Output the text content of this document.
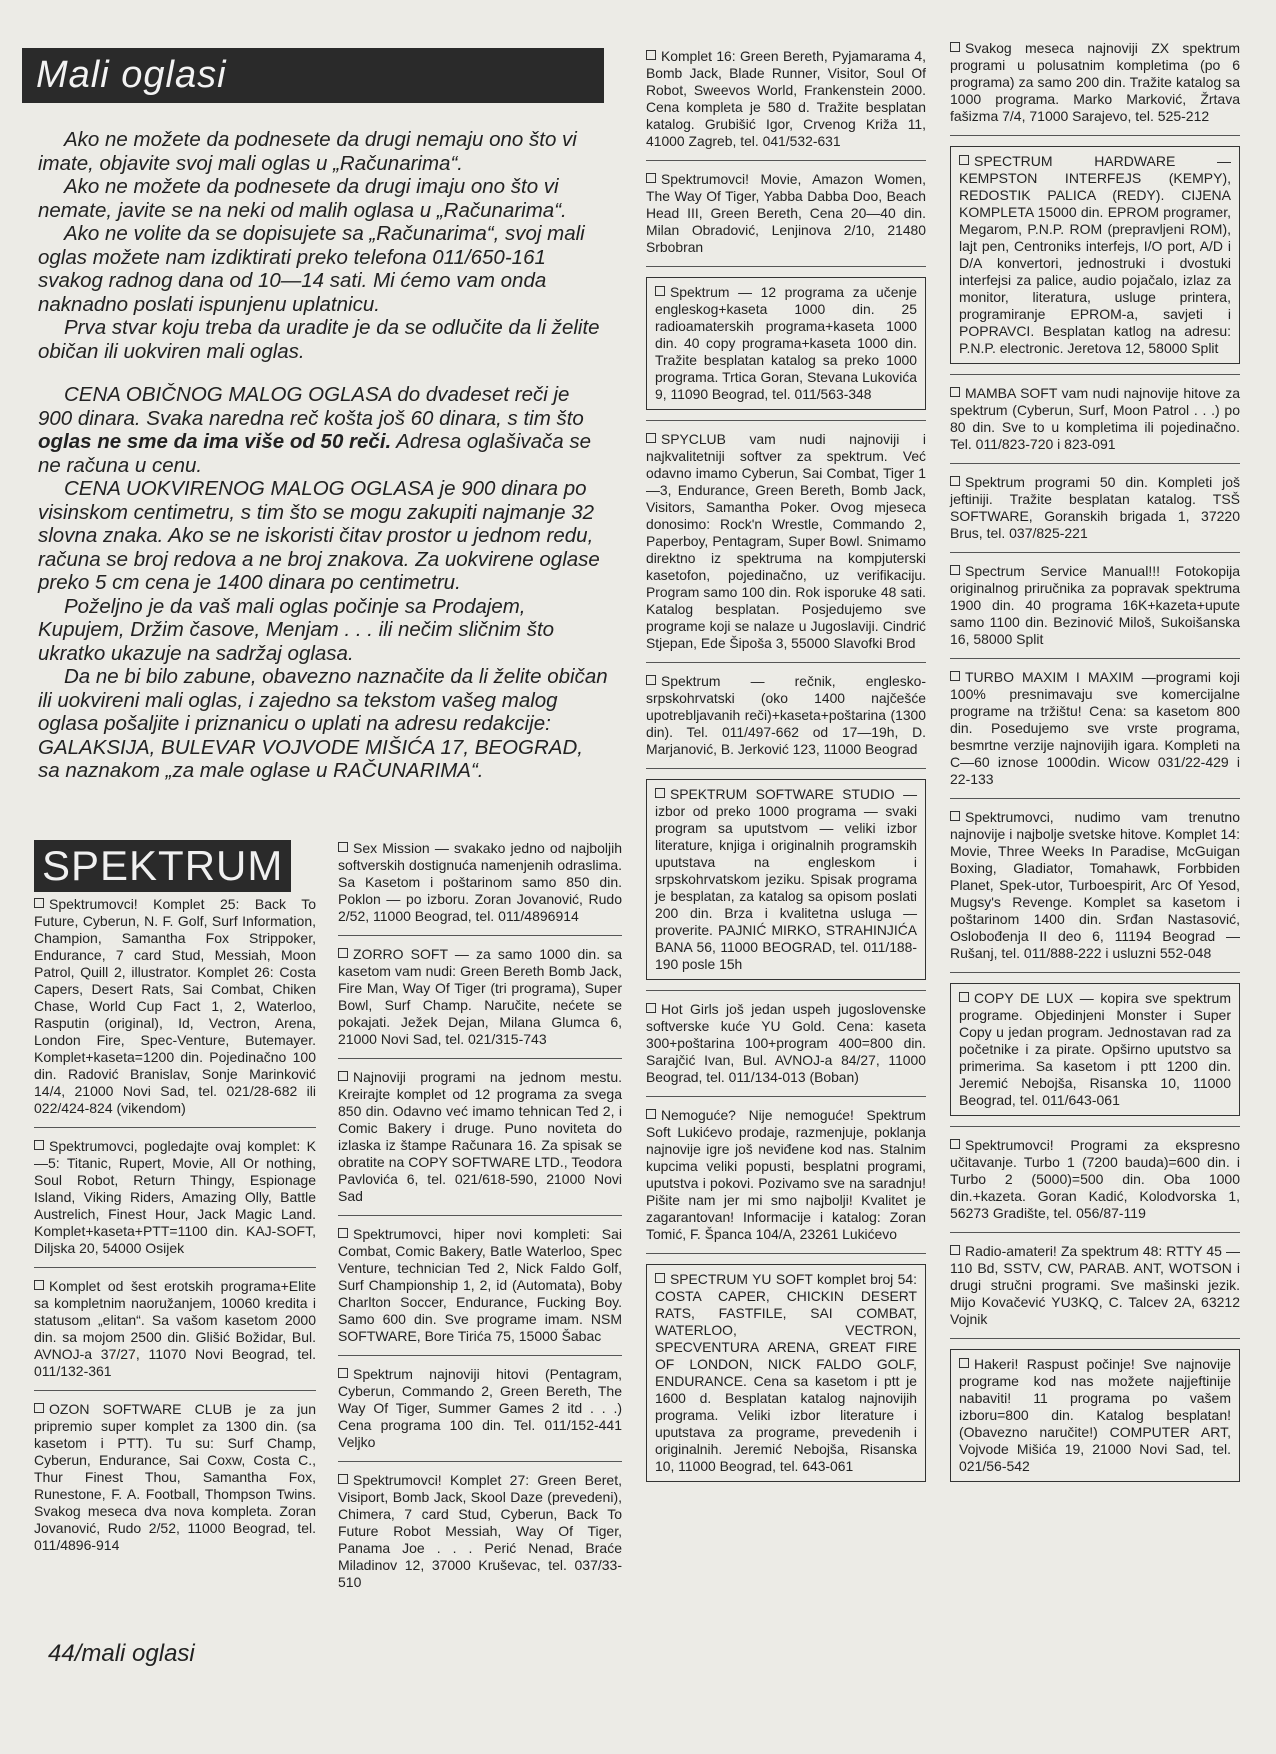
Mali oglasi

Ako ne možete da podnesete da drugi nemaju ono što vi imate, objavite svoj mali oglas u „Računarima“.

Ako ne možete da podnesete da drugi imaju ono što vi nemate, javite se na neki od malih oglasa u „Računarima“.

Ako ne volite da se dopisujete sa „Računarima“, svoj mali oglas možete nam izdiktirati preko telefona 011/650-161 svakog radnog dana od 10—14 sati. Mi ćemo vam onda naknadno poslati ispunjenu uplatnicu.

Prva stvar koju treba da uradite je da se odlučite da li želite običan ili uokviren mali oglas.

CENA OBIČNOG MALOG OGLASA do dvadeset reči je 900 dinara. Svaka naredna reč košta još 60 dinara, s tim što oglas ne sme da ima više od 50 reči. Adresa oglašivača se ne računa u cenu.

CENA UOKVIRENOG MALOG OGLASA je 900 dinara po visinskom centimetru, s tim što se mogu zakupiti najmanje 32 slovna znaka. Ako se ne iskoristi čitav prostor u jednom redu, računa se broj redova a ne broj znakova. Za uokvirene oglase preko 5 cm cena je 1400 dinara po centimetru.

Poželjno je da vaš mali oglas počinje sa Prodajem, Kupujem, Držim časove, Menjam . . . ili nečim sličnim što ukratko ukazuje na sadržaj oglasa.

Da ne bi bilo zabune, obavezno naznačite da li želite običan ili uokvireni mali oglas, i zajedno sa tekstom vašeg malog oglasa pošaljite i priznanicu o uplati na adresu redakcije: GALAKSIJA, BULEVAR VOJVODE MIŠIĆA 17, BEOGRAD, sa naznakom „za male oglase u RAČUNARIMA“.

SPEKTRUM

Spektrumovci! Komplet 25: Back To Future, Cyberun, N. F. Golf, Surf Information, Champion, Samantha Fox Strippoker, Endurance, 7 card Stud, Messiah, Moon Patrol, Quill 2, illustrator. Komplet 26: Costa Capers, Desert Rats, Sai Combat, Chiken Chase, World Cup Fact 1, 2, Waterloo, Rasputin (original), Id, Vectron, Arena, London Fire, Spec-Venture, Butemayer. Komplet+kaseta=1200 din. Pojedinačno 100 din. Radović Branislav, Sonje Marinković 14/4, 21000 Novi Sad, tel. 021/28-682 ili 022/424-824 (vikendom)

Spektrumovci, pogledajte ovaj komplet: K—5: Titanic, Rupert, Movie, All Or nothing, Soul Robot, Return Thingy, Espionage Island, Viking Riders, Amazing Olly, Battle Austrelich, Finest Hour, Jack Magic Land. Komplet+kaseta+PTT=1100 din. KAJ-SOFT, Diljska 20, 54000 Osijek

Komplet od šest erotskih programa+Elite sa kompletnim naoružanjem, 10060 kredita i statusom „elitan“. Sa vašom kasetom 2000 din. sa mojom 2500 din. Glišić Božidar, Bul. AVNOJ-a 37/27, 11070 Novi Beograd, tel. 011/132-361

OZON SOFTWARE CLUB je za jun pripremio super komplet za 1300 din. (sa kasetom i PTT). Tu su: Surf Champ, Cyberun, Endurance, Sai Coxw, Costa C., Thur Finest Thou, Samantha Fox, Runestone, F. A. Football, Thompson Twins. Svakog meseca dva nova kompleta. Zoran Jovanović, Rudo 2/52, 11000 Beograd, tel. 011/4896-914

Sex Mission — svakako jedno od najboljih softverskih dostignuća namenjenih odraslima. Sa Kasetom i poštarinom samo 850 din. Poklon — po izboru. Zoran Jovanović, Rudo 2/52, 11000 Beograd, tel. 011/4896914

ZORRO SOFT — za samo 1000 din. sa kasetom vam nudi: Green Bereth Bomb Jack, Fire Man, Way Of Tiger (tri programa), Super Bowl, Surf Champ. Naručite, nećete se pokajati. Ježek Dejan, Milana Glumca 6, 21000 Novi Sad, tel. 021/315-743

Najnoviji programi na jednom mestu. Kreirajte komplet od 12 programa za svega 850 din. Odavno već imamo tehnican Ted 2, i Comic Bakery i druge. Puno noviteta do izlaska iz štampe Računara 16. Za spisak se obratite na COPY SOFTWARE LTD., Teodora Pavlovića 6, tel. 021/618-590, 21000 Novi Sad

Spektrumovci, hiper novi kompleti: Sai Combat, Comic Bakery, Batle Waterloo, Spec Venture, technician Ted 2, Nick Faldo Golf, Surf Championship 1, 2, id (Automata), Boby Charlton Soccer, Endurance, Fucking Boy. Samo 600 din. Sve programe imam. NSM SOFTWARE, Bore Tirića 75, 15000 Šabac

Spektrum najnoviji hitovi (Pentagram, Cyberun, Commando 2, Green Bereth, The Way Of Tiger, Summer Games 2 itd . . .) Cena programa 100 din. Tel. 011/152-441 Veljko

Spektrumovci! Komplet 27: Green Beret, Visiport, Bomb Jack, Skool Daze (prevedeni), Chimera, 7 card Stud, Cyberun, Back To Future Robot Messiah, Way Of Tiger, Panama Joe . . . Perić Nenad, Braće Miladinov 12, 37000 Kruševac, tel. 037/33-510

Komplet 16: Green Bereth, Pyjamarama 4, Bomb Jack, Blade Runner, Visitor, Soul Of Robot, Sweevos World, Frankenstein 2000. Cena kompleta je 580 d. Tražite besplatan katalog. Grubišić Igor, Crvenog Križa 11, 41000 Zagreb, tel. 041/532-631

Spektrumovci! Movie, Amazon Women, The Way Of Tiger, Yabba Dabba Doo, Beach Head III, Green Bereth, Cena 20—40 din. Milan Obradović, Lenjinova 2/10, 21480 Srbobran

Spektrum — 12 programa za učenje engleskog+kaseta 1000 din. 25 radioamaterskih programa+kaseta 1000 din. 40 copy programa+kaseta 1000 din. Tražite besplatan katalog sa preko 1000 programa. Trtica Goran, Stevana Lukovića 9, 11090 Beograd, tel. 011/563-348

SPYCLUB vam nudi najnoviji i najkvalitetniji softver za spektrum. Već odavno imamo Cyberun, Sai Combat, Tiger 1—3, Endurance, Green Bereth, Bomb Jack, Visitors, Samantha Poker. Ovog mjeseca donosimo: Rock'n Wrestle, Commando 2, Paperboy, Pentagram, Super Bowl. Snimamo direktno iz spektruma na kompjuterski kasetofon, pojedinačno, uz verifikaciju. Program samo 100 din. Rok isporuke 48 sati. Katalog besplatan. Posjedujemo sve programe koji se nalaze u Jugoslaviji. Cindrić Stjepan, Ede Šipoša 3, 55000 Slavofki Brod

Spektrum — rečnik, englesko-srpskohrvatski (oko 1400 najčešće upotrebljavanih reči)+kaseta+poštarina (1300 din). Tel. 011/497-662 od 17—19h, D. Marjanović, B. Jerković 123, 11000 Beograd

SPEKTRUM SOFTWARE STUDIO — izbor od preko 1000 programa — svaki program sa uputstvom — veliki izbor literature, knjiga i originalnih programskih uputstava na engleskom i srpskohrvatskom jeziku. Spisak programa je besplatan, za katalog sa opisom poslati 200 din. Brza i kvalitetna usluga — proverite. PAJNIĆ MIRKO, STRAHINJIĆA BANA 56, 11000 BEOGRAD, tel. 011/188-190 posle 15h

Hot Girls još jedan uspeh jugoslovenske softverske kuće YU Gold. Cena: kaseta 300+poštarina 100+program 400=800 din. Sarajčić Ivan, Bul. AVNOJ-a 84/27, 11000 Beograd, tel. 011/134-013 (Boban)

Nemoguće? Nije nemoguće! Spektrum Soft Lukićevo prodaje, razmenjuje, poklanja najnovije igre još neviđene kod nas. Stalnim kupcima veliki popusti, besplatni programi, uputstva i pokovi. Pozivamo sve na saradnju! Pišite nam jer mi smo najbolji! Kvalitet je zagarantovan! Informacije i katalog: Zoran Tomić, F. Španca 104/A, 23261 Lukićevo

SPECTRUM YU SOFT komplet broj 54: COSTA CAPER, CHICKIN DESERT RATS, FASTFILE, SAI COMBAT, WATERLOO, VECTRON, SPECVENTURA ARENA, GREAT FIRE OF LONDON, NICK FALDO GOLF, ENDURANCE. Cena sa kasetom i ptt je 1600 d. Besplatan katalog najnovijih programa. Veliki izbor literature i uputstava za programe, prevedenih i originalnih. Jeremić Nebojša, Risanska 10, 11000 Beograd, tel. 643-061

Svakog meseca najnoviji ZX spektrum programi u polusatnim kompletima (po 6 programa) za samo 200 din. Tražite katalog sa 1000 programa. Marko Marković, Žrtava fašizma 7/4, 71000 Sarajevo, tel. 525-212

SPECTRUM HARDWARE — KEMPSTON INTERFEJS (KEMPY), REDOSTIK PALICA (REDY). CIJENA KOMPLETA 15000 din. EPROM programer, Megarom, P.N.P. ROM (prepravljeni ROM), lajt pen, Centroniks interfejs, I/O port, A/D i D/A konvertori, jednostruki i dvostuki interfejsi za palice, audio pojačalo, izlaz za monitor, literatura, usluge printera, programiranje EPROM-a, savjeti i POPRAVCI. Besplatan katlog na adresu: P.N.P. electronic. Jeretova 12, 58000 Split

MAMBA SOFT vam nudi najnovije hitove za spektrum (Cyberun, Surf, Moon Patrol . . .) po 80 din. Sve to u kompletima ili pojedinačno. Tel. 011/823-720 i 823-091

Spektrum programi 50 din. Kompleti još jeftiniji. Tražite besplatan katalog. TSŠ SOFTWARE, Goranskih brigada 1, 37220 Brus, tel. 037/825-221

Spectrum Service Manual!!! Fotokopija originalnog priručnika za popravak spektruma 1900 din. 40 programa 16K+kazeta+upute samo 1100 din. Bezinović Miloš, Sukoišanska 16, 58000 Split

TURBO MAXIM I MAXIM —programi koji 100% presnimavaju sve komercijalne programe na tržištu! Cena: sa kasetom 800 din. Posedujemo sve vrste programa, besmrtne verzije najnovijih igara. Kompleti na C—60 iznose 1000din. Wicow 031/22-429 i 22-133

Spektrumovci, nudimo vam trenutno najnovije i najbolje svetske hitove. Komplet 14: Movie, Three Weeks In Paradise, McGuigan Boxing, Gladiator, Tomahawk, Forbbiden Planet, Spek-utor, Turboespirit, Arc Of Yesod, Mugsy's Revenge. Komplet sa kasetom i poštarinom 1400 din. Srđan Nastasović, Oslobođenja II deo 6, 11194 Beograd — Rušanj, tel. 011/888-222 i usluzni 552-048

COPY DE LUX — kopira sve spektrum programe. Objedinjeni Monster i Super Copy u jedan program. Jednostavan rad za početnike i za pirate. Opširno uputstvo sa primerima. Sa kasetom i ptt 1200 din. Jeremić Nebojša, Risanska 10, 11000 Beograd, tel. 011/643-061

Spektrumovci! Programi za ekspresno učitavanje. Turbo 1 (7200 bauda)=600 din. i Turbo 2 (5000)=500 din. Oba 1000 din.+kazeta. Goran Kadić, Kolodvorska 1, 56273 Gradište, tel. 056/87-119

Radio-amateri! Za spektrum 48: RTTY 45 — 110 Bd, SSTV, CW, PARAB. ANT, WOTSON i drugi stručni programi. Sve mašinski jezik. Mijo Kovačević YU3KQ, C. Talcev 2A, 63212 Vojnik

Hakeri! Raspust počinje! Sve najnovije programe kod nas možete najjeftinije nabaviti! 11 programa po vašem izboru=800 din. Katalog besplatan! (Obavezno naručite!) COMPUTER ART, Vojvode Mišića 19, 21000 Novi Sad, tel. 021/56-542

44/mali oglasi
